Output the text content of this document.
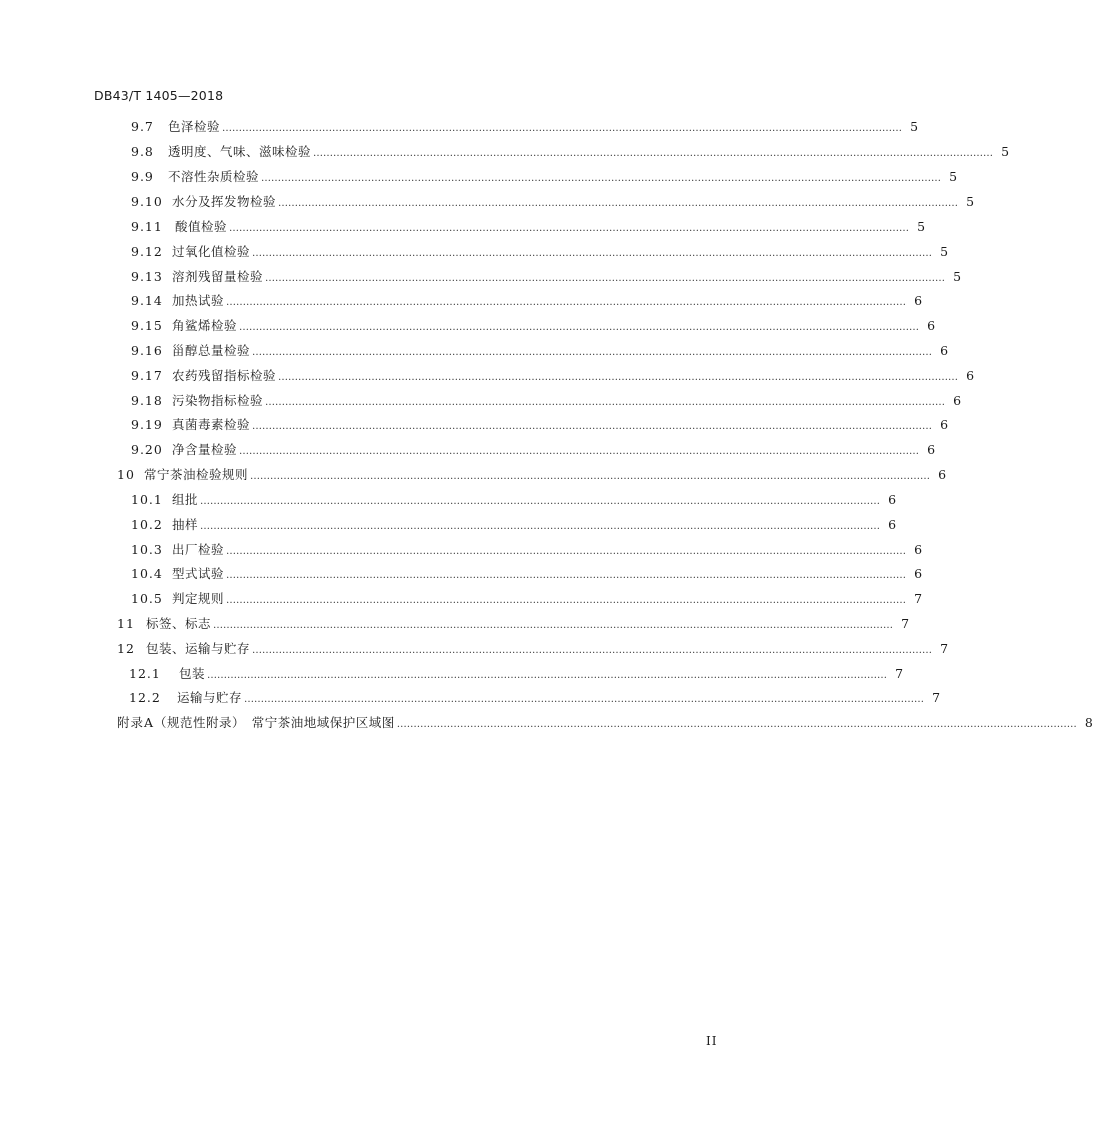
DB43/T 1405—2018
9.7	色泽检验 …………………………………………………………………………………………………………………………………………………………………………………… 5
9.8	透明度、气味、滋味检验 …………………………………………………………………………………………………………………………………………………………………………………… 5
9.9	不溶性杂质检验 …………………………………………………………………………………………………………………………………………………………………………………… 5
9.10 水分及挥发物检验 …………………………………………………………………………………………………………………………………………………………………………………… 5
9.11 酸值检验 …………………………………………………………………………………………………………………………………………………………………………………… 5
9.12 过氧化值检验 …………………………………………………………………………………………………………………………………………………………………………………… 5
9.13 溶剂残留量检验 …………………………………………………………………………………………………………………………………………………………………………………… 5
9.14 加热试验 …………………………………………………………………………………………………………………………………………………………………………………… 6
9.15 角鲨烯检验 …………………………………………………………………………………………………………………………………………………………………………………… 6
9.16 甾醇总量检验 …………………………………………………………………………………………………………………………………………………………………………………… 6
9.17 农药残留指标检验 …………………………………………………………………………………………………………………………………………………………………………………… 6
9.18 污染物指标检验 …………………………………………………………………………………………………………………………………………………………………………………… 6
9.19 真菌毒素检验 …………………………………………………………………………………………………………………………………………………………………………………… 6
9.20 净含量检验 …………………………………………………………………………………………………………………………………………………………………………………… 6
10 常宁茶油检验规则 …………………………………………………………………………………………………………………………………………………………………………………… 6
10.1 组批 …………………………………………………………………………………………………………………………………………………………………………………… 6
10.2 抽样 …………………………………………………………………………………………………………………………………………………………………………………… 6
10.3 出厂检验 …………………………………………………………………………………………………………………………………………………………………………………… 6
10.4 型式试验 …………………………………………………………………………………………………………………………………………………………………………………… 6
10.5 判定规则 …………………………………………………………………………………………………………………………………………………………………………………… 7
11 标签、标志 …………………………………………………………………………………………………………………………………………………………………………………… 7
12 包装、运输与贮存 …………………………………………………………………………………………………………………………………………………………………………………… 7
12.1	包装 …………………………………………………………………………………………………………………………………………………………………………………… 7
12.2	运输与贮存 …………………………………………………………………………………………………………………………………………………………………………………… 7
附录A （规范性附录）　常宁茶油地域保护区域图 …………………………………………………………………………………………………………………………………………………………………………………… 8
II
